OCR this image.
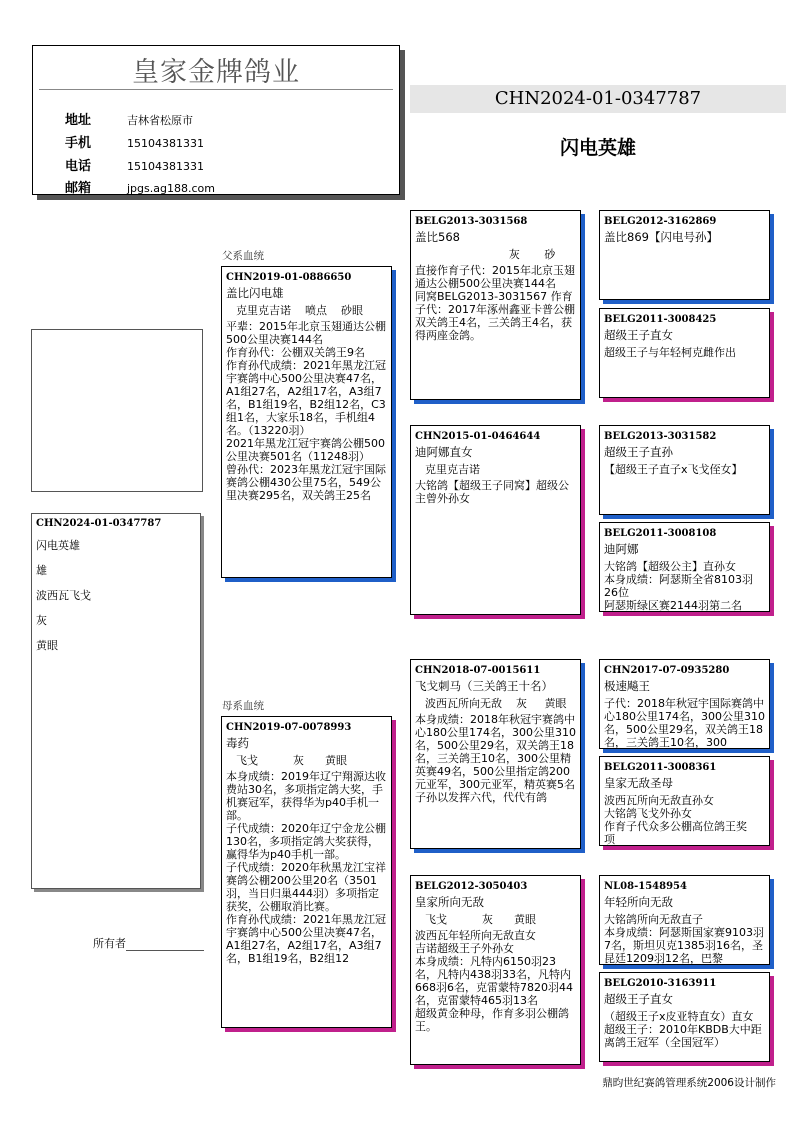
皇家金牌鸽业
地址	吉林省松原市
手机	15104381331
电话	15104381331
邮箱	jpgs.ag188.com
CHN2024-01-0347787
闪电英雄
CHN2024-01-0347787
闪电英雄
雄
波西瓦飞戈
灰
黄眼
所有者
父系血统
母系血统
CHN2019-01-0886650
盖比闪电雄
克里克吉诺    喷点    砂眼
平辈：2015年北京玉翅通达公棚500公里决赛144名
作育孙代：公棚双关鸽王9名
作育孙代成绩：2021年黑龙江冠宇赛鸽中心500公里决赛47名，A1组27名，A2组17名，A3组7名，B1组19名，B2组12名，C3组1名，大家乐18名，手机组4名。（13220羽）
2021年黑龙江冠宇赛鸽公棚500公里决赛501名（11248羽）
曾孙代：2023年黑龙江冠宇国际赛鸽公棚430公里75名，549公里决赛295名，双关鸽王25名
CHN2019-07-0078993
毒药
飞戈          灰      黄眼
本身成绩：2019年辽宁翔源达收费站30名，多项指定鸽大奖，手机赛冠军，获得华为p40手机一部。
子代成绩：2020年辽宁金龙公棚130名，多项指定鸽大奖获得，赢得华为p40手机一部。
子代成绩：2020年秋黑龙江宝祥赛鸽公棚200公里20名（3501羽，当日归巢444羽）多项指定获奖，公棚取消比赛。
作育孙代成绩：2021年黑龙江冠宇赛鸽中心500公里决赛47名，A1组27名，A2组17名，A3组7名，B1组19名，B2组12
BELG2013-3031568
盖比568
灰       砂
直接作育子代：2015年北京玉翅通达公棚500公里决赛144名
同窝BELG2013-3031567 作育子代：2017年涿州鑫亚卡普公棚双关鸽王4名，三关鸽王4名，获得两座金鸽。
CHN2015-01-0464644
迪阿娜直女
克里克吉诺
大铭鸽【超级王子同窝】超级公主曾外孙女
CHN2018-07-0015611
飞戈刺马（三关鸽王十名）
波西瓦所向无敌    灰     黄眼
本身成绩：2018年秋冠宇赛鸽中心180公里174名，300公里310名，500公里29名，双关鸽王18名，三关鸽王10名，300公里精英赛49名，500公里指定鸽200元亚军，300元亚军，精英赛5名
子孙以发挥六代，代代有鸽
BELG2012-3050403
皇家所向无敌
飞戈          灰      黄眼
波西瓦年轻所向无敌直女
吉诺超级王子外孙女
本身成绩：凡特内6150羽23名，凡特内438羽33名，凡特内668羽6名，克雷蒙特7820羽44名，克雷蒙特465羽13名
超级黄金种母，作育多羽公棚鸽王。
BELG2012-3162869
盖比869【闪电号孙】
BELG2011-3008425
超级王子直女
超级王子与年轻柯克雌作出
BELG2013-3031582
超级王子直孙
【超级王子直子x飞戈侄女】
BELG2011-3008108
迪阿娜
大铭鸽【超级公主】直孙女
本身成绩：阿瑟斯全省8103羽26位
阿瑟斯绿区赛2144羽第二名
CHN2017-07-0935280
极速飚王
子代：2018年秋冠宇国际赛鸽中心180公里174名，300公里310名，500公里29名，双关鸽王18名，三关鸽王10名，300
BELG2011-3008361
皇家无敌圣母
波西瓦所向无敌直孙女
大铭鸽飞戈外孙女
作育子代众多公棚高位鸽王奖
项
NL08-1548954
年轻所向无敌
大铭鸽所向无敌直子
本身成绩：阿瑟斯国家赛9103羽7名，斯坦贝克1385羽16名，圣昆廷1209羽12名，巴黎
BELG2010-3163911
超级王子直女
（超级王子x皮亚特直女）直女
超级王子：2010年KBDB大中距离鸽王冠军（全国冠军）
鼎昀世纪赛鸽管理系统2006设计制作
